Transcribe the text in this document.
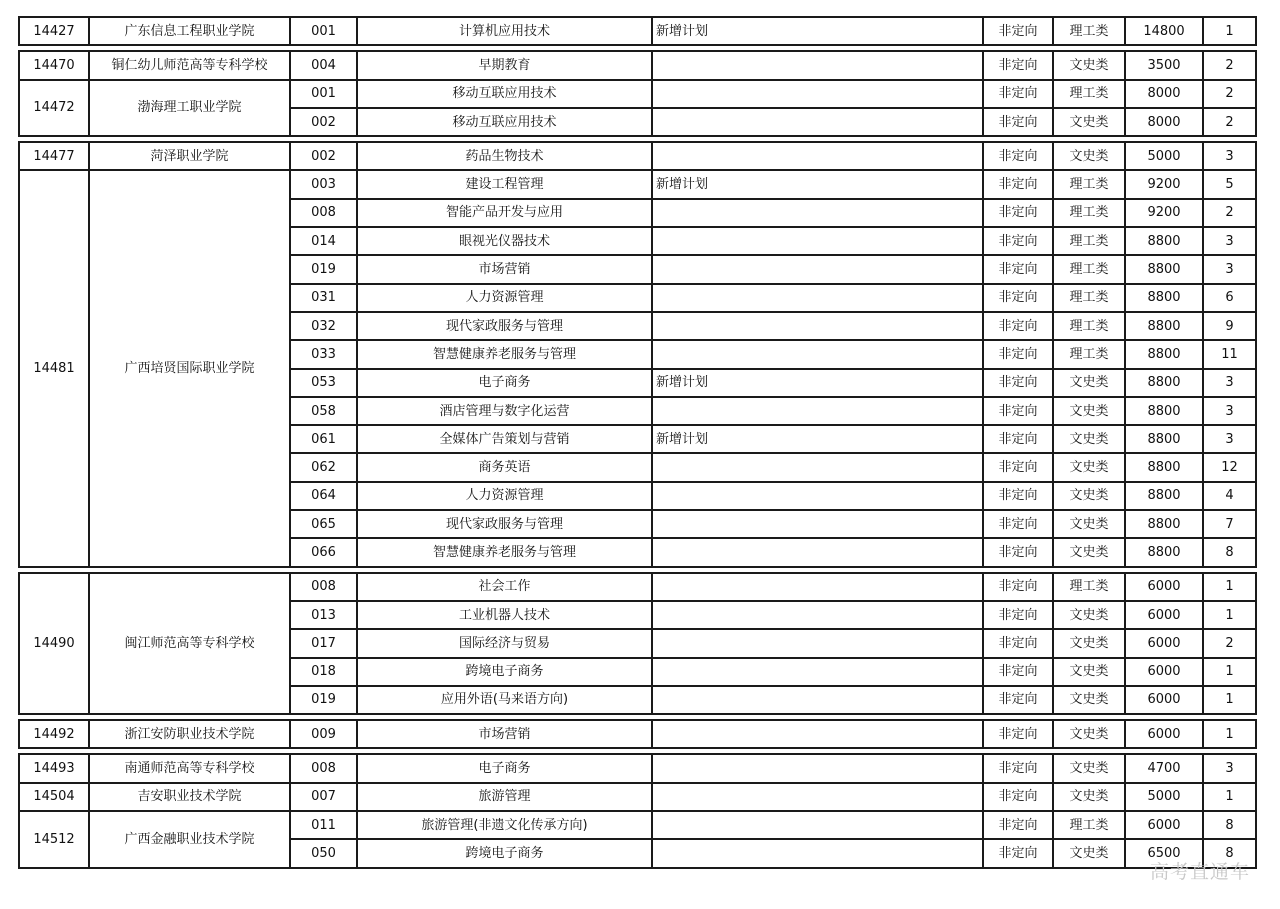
14427	广东信息工程职业学院	001	计算机应用技术	新增计划	非定向	理工类	14800	1

14470	铜仁幼儿师范高等专科学校	004	早期教育		非定向	文史类	3500	2
14472	渤海理工职业学院	001	移动互联应用技术		非定向	理工类	8000	2
		002	移动互联应用技术		非定向	文史类	8000	2

14477	菏泽职业学院	002	药品生物技术		非定向	文史类	5000	3
14481	广西培贤国际职业学院	003	建设工程管理	新增计划	非定向	理工类	9200	5
		008	智能产品开发与应用		非定向	理工类	9200	2
		014	眼视光仪器技术		非定向	理工类	8800	3
		019	市场营销		非定向	理工类	8800	3
		031	人力资源管理		非定向	理工类	8800	6
		032	现代家政服务与管理		非定向	理工类	8800	9
		033	智慧健康养老服务与管理		非定向	理工类	8800	11
		053	电子商务	新增计划	非定向	文史类	8800	3
		058	酒店管理与数字化运营		非定向	文史类	8800	3
		061	全媒体广告策划与营销	新增计划	非定向	文史类	8800	3
		062	商务英语		非定向	文史类	8800	12
		064	人力资源管理		非定向	文史类	8800	4
		065	现代家政服务与管理		非定向	文史类	8800	7
		066	智慧健康养老服务与管理		非定向	文史类	8800	8

14490	闽江师范高等专科学校	008	社会工作		非定向	理工类	6000	1
		013	工业机器人技术		非定向	文史类	6000	1
		017	国际经济与贸易		非定向	文史类	6000	2
		018	跨境电子商务		非定向	文史类	6000	1
		019	应用外语(马来语方向)		非定向	文史类	6000	1

14492	浙江安防职业技术学院	009	市场营销		非定向	文史类	6000	1

14493	南通师范高等专科学校	008	电子商务		非定向	文史类	4700	3
14504	吉安职业技术学院	007	旅游管理		非定向	文史类	5000	1
14512	广西金融职业技术学院	011	旅游管理(非遗文化传承方向)		非定向	理工类	6000	8
		050	跨境电子商务		非定向	文史类	6500	8
高考直通车
